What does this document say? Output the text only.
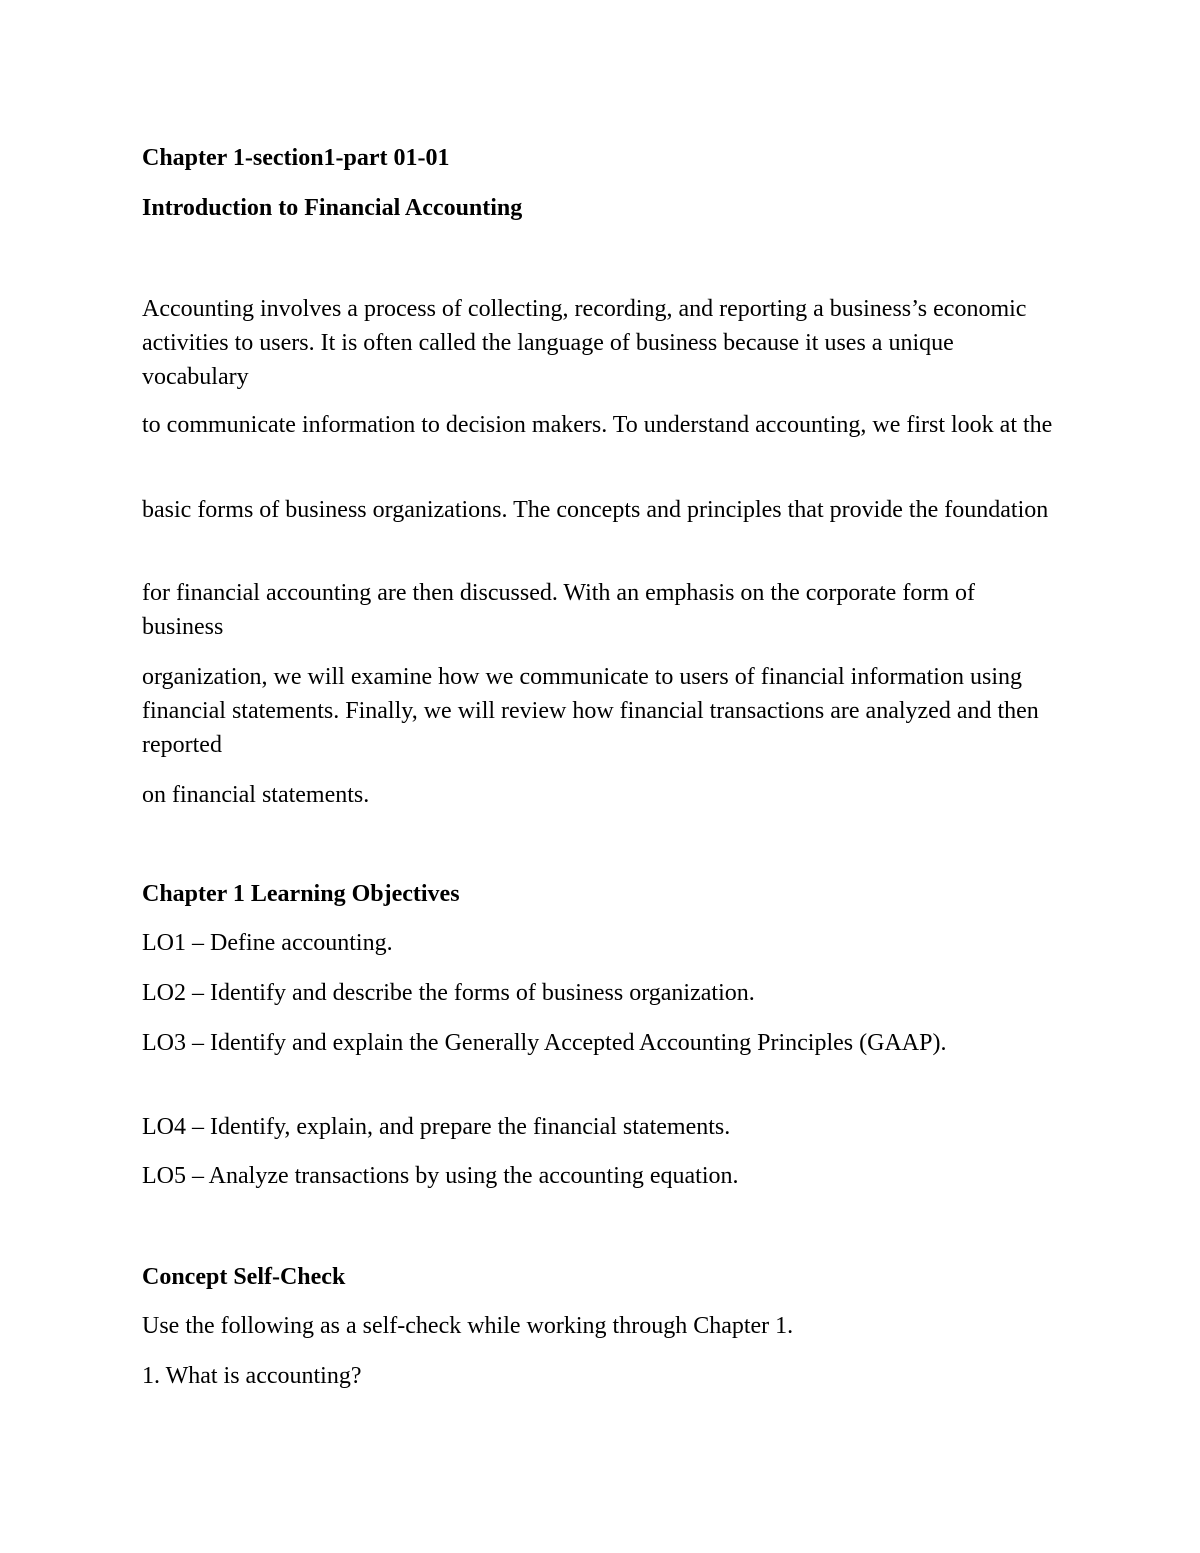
Chapter 1-section1-part 01-01

Introduction to Financial Accounting

Accounting involves a process of collecting, recording, and reporting a business’s economic activities to users. It is often called the language of business because it uses a unique vocabulary

to communicate information to decision makers. To understand accounting, we first look at the

basic forms of business organizations. The concepts and principles that provide the foundation

for financial accounting are then discussed. With an emphasis on the corporate form of business

organization, we will examine how we communicate to users of financial information using financial statements. Finally, we will review how financial transactions are analyzed and then reported

on financial statements.

Chapter 1 Learning Objectives

LO1 – Define accounting.

LO2 – Identify and describe the forms of business organization.

LO3 – Identify and explain the Generally Accepted Accounting Principles (GAAP).

LO4 – Identify, explain, and prepare the financial statements.

LO5 – Analyze transactions by using the accounting equation.

Concept Self-Check

Use the following as a self-check while working through Chapter 1.

1. What is accounting?
